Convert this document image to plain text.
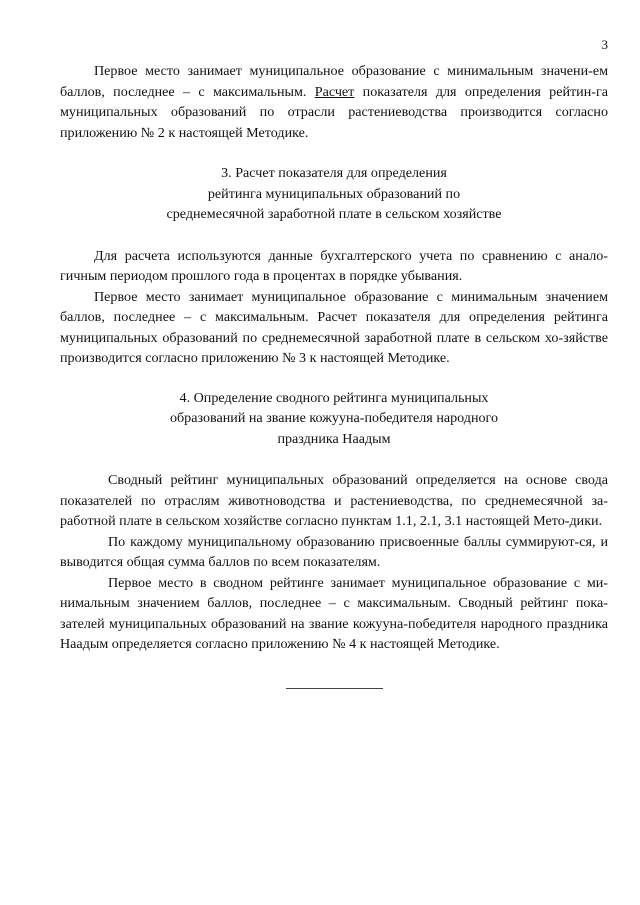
3

Первое место занимает муниципальное образование с минимальным значени-ем баллов, последнее – с максимальным. Расчет показателя для определения рейтин-га муниципальных образований по отрасли растениеводства производится согласно приложению № 2 к настоящей Методике.

3. Расчет показателя для определения

рейтинга муниципальных образований по

среднемесячной заработной плате в сельском хозяйстве

Для расчета используются данные бухгалтерского учета по сравнению с анало-гичным периодом прошлого года в процентах в порядке убывания.

Первое место занимает муниципальное образование с минимальным значением баллов, последнее – с максимальным. Расчет показателя для определения рейтинга муниципальных образований по среднемесячной заработной плате в сельском хо-зяйстве производится согласно приложению № 3 к настоящей Методике.

4. Определение сводного рейтинга муниципальных

образований на звание кожууна-победителя народного

праздника Наадым

Сводный рейтинг муниципальных образований определяется на основе свода показателей по отраслям животноводства и растениеводства, по среднемесячной за-работной плате в сельском хозяйстве согласно пунктам 1.1, 2.1, 3.1 настоящей Мето-дики.

По каждому муниципальному образованию присвоенные баллы суммируют-ся, и выводится общая сумма баллов по всем показателям.

Первое место в сводном рейтинге занимает муниципальное образование с ми-нимальным значением баллов, последнее – с максимальным. Сводный рейтинг пока-зателей муниципальных образований на звание кожууна-победителя народного праздника Наадым определяется согласно приложению № 4 к настоящей Методике.
